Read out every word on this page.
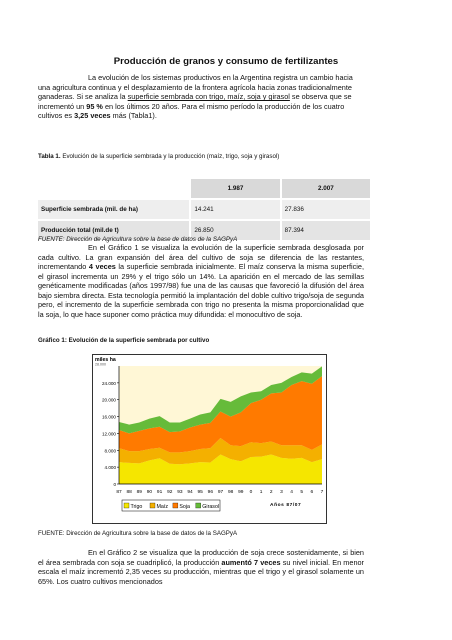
Producción de granos y consumo de fertilizantes
La evolución de los sistemas productivos en la Argentina registra un cambio hacia una agricultura continua y el desplazamiento de la frontera agrícola hacia zonas tradicionalmente ganaderas. Si se analiza la superficie sembrada con trigo, maíz, soja y girasol se observa que se incrementó un 95 % en los últimos 20 años. Para el mismo período la producción de los cuatro cultivos es 3,25 veces más (Tabla1).
Tabla 1. Evolución de la superficie sembrada y la producción (maíz, trigo, soja y girasol)
	1.987	2.007

Superficie sembrada (mil. de ha)	14.241	27.836

Producción total (mil.de t)	26.850	87.394
FUENTE: Dirección de Agricultura sobre la base de datos de la SAGPyA
En el Gráfico 1 se visualiza la evolución de la superficie sembrada desglosada por cada cultivo. La gran expansión del área del cultivo de soja se diferencia de las restantes, incrementando 4 veces la superficie sembrada inicialmente. El maíz conserva la misma superficie, el girasol incrementa un 29% y el trigo sólo un 14%. La aparición en el mercado de las semillas genéticamente modificadas (años 1997/98) fue una de las causas que favoreció la difusión del área bajo siembra directa. Esta tecnología permitió la implantación del doble cultivo trigo/soja de segunda pero, el incremento de la superficie sembrada con trigo no presenta la misma proporcionalidad que la soja, lo que hace suponer como práctica muy difundida: el monocultivo de soja.
Gráfico 1: Evolución de la superficie sembrada por cultivo
0
4.000
8.000
12.000
16.000
20.000
24.000
87 88 89 90 91 92 93 94 95 96 97 98 99 0 1 2 3 4 5 6 7
miles ha
28.000
Años 87/07
Trigo	Maíz Soja Girasol
FUENTE: Dirección de Agricultura sobre la base de datos de la SAGPyA
En el Gráfico 2 se visualiza que la producción de soja crece sostenidamente, si bien el área sembrada con soja se cuadriplicó, la producción aumentó 7 veces su nivel inicial. En menor escala el maíz incrementó 2,35 veces su producción, mientras que el trigo y el girasol solamente un 65%. Los cuatro cultivos mencionados
